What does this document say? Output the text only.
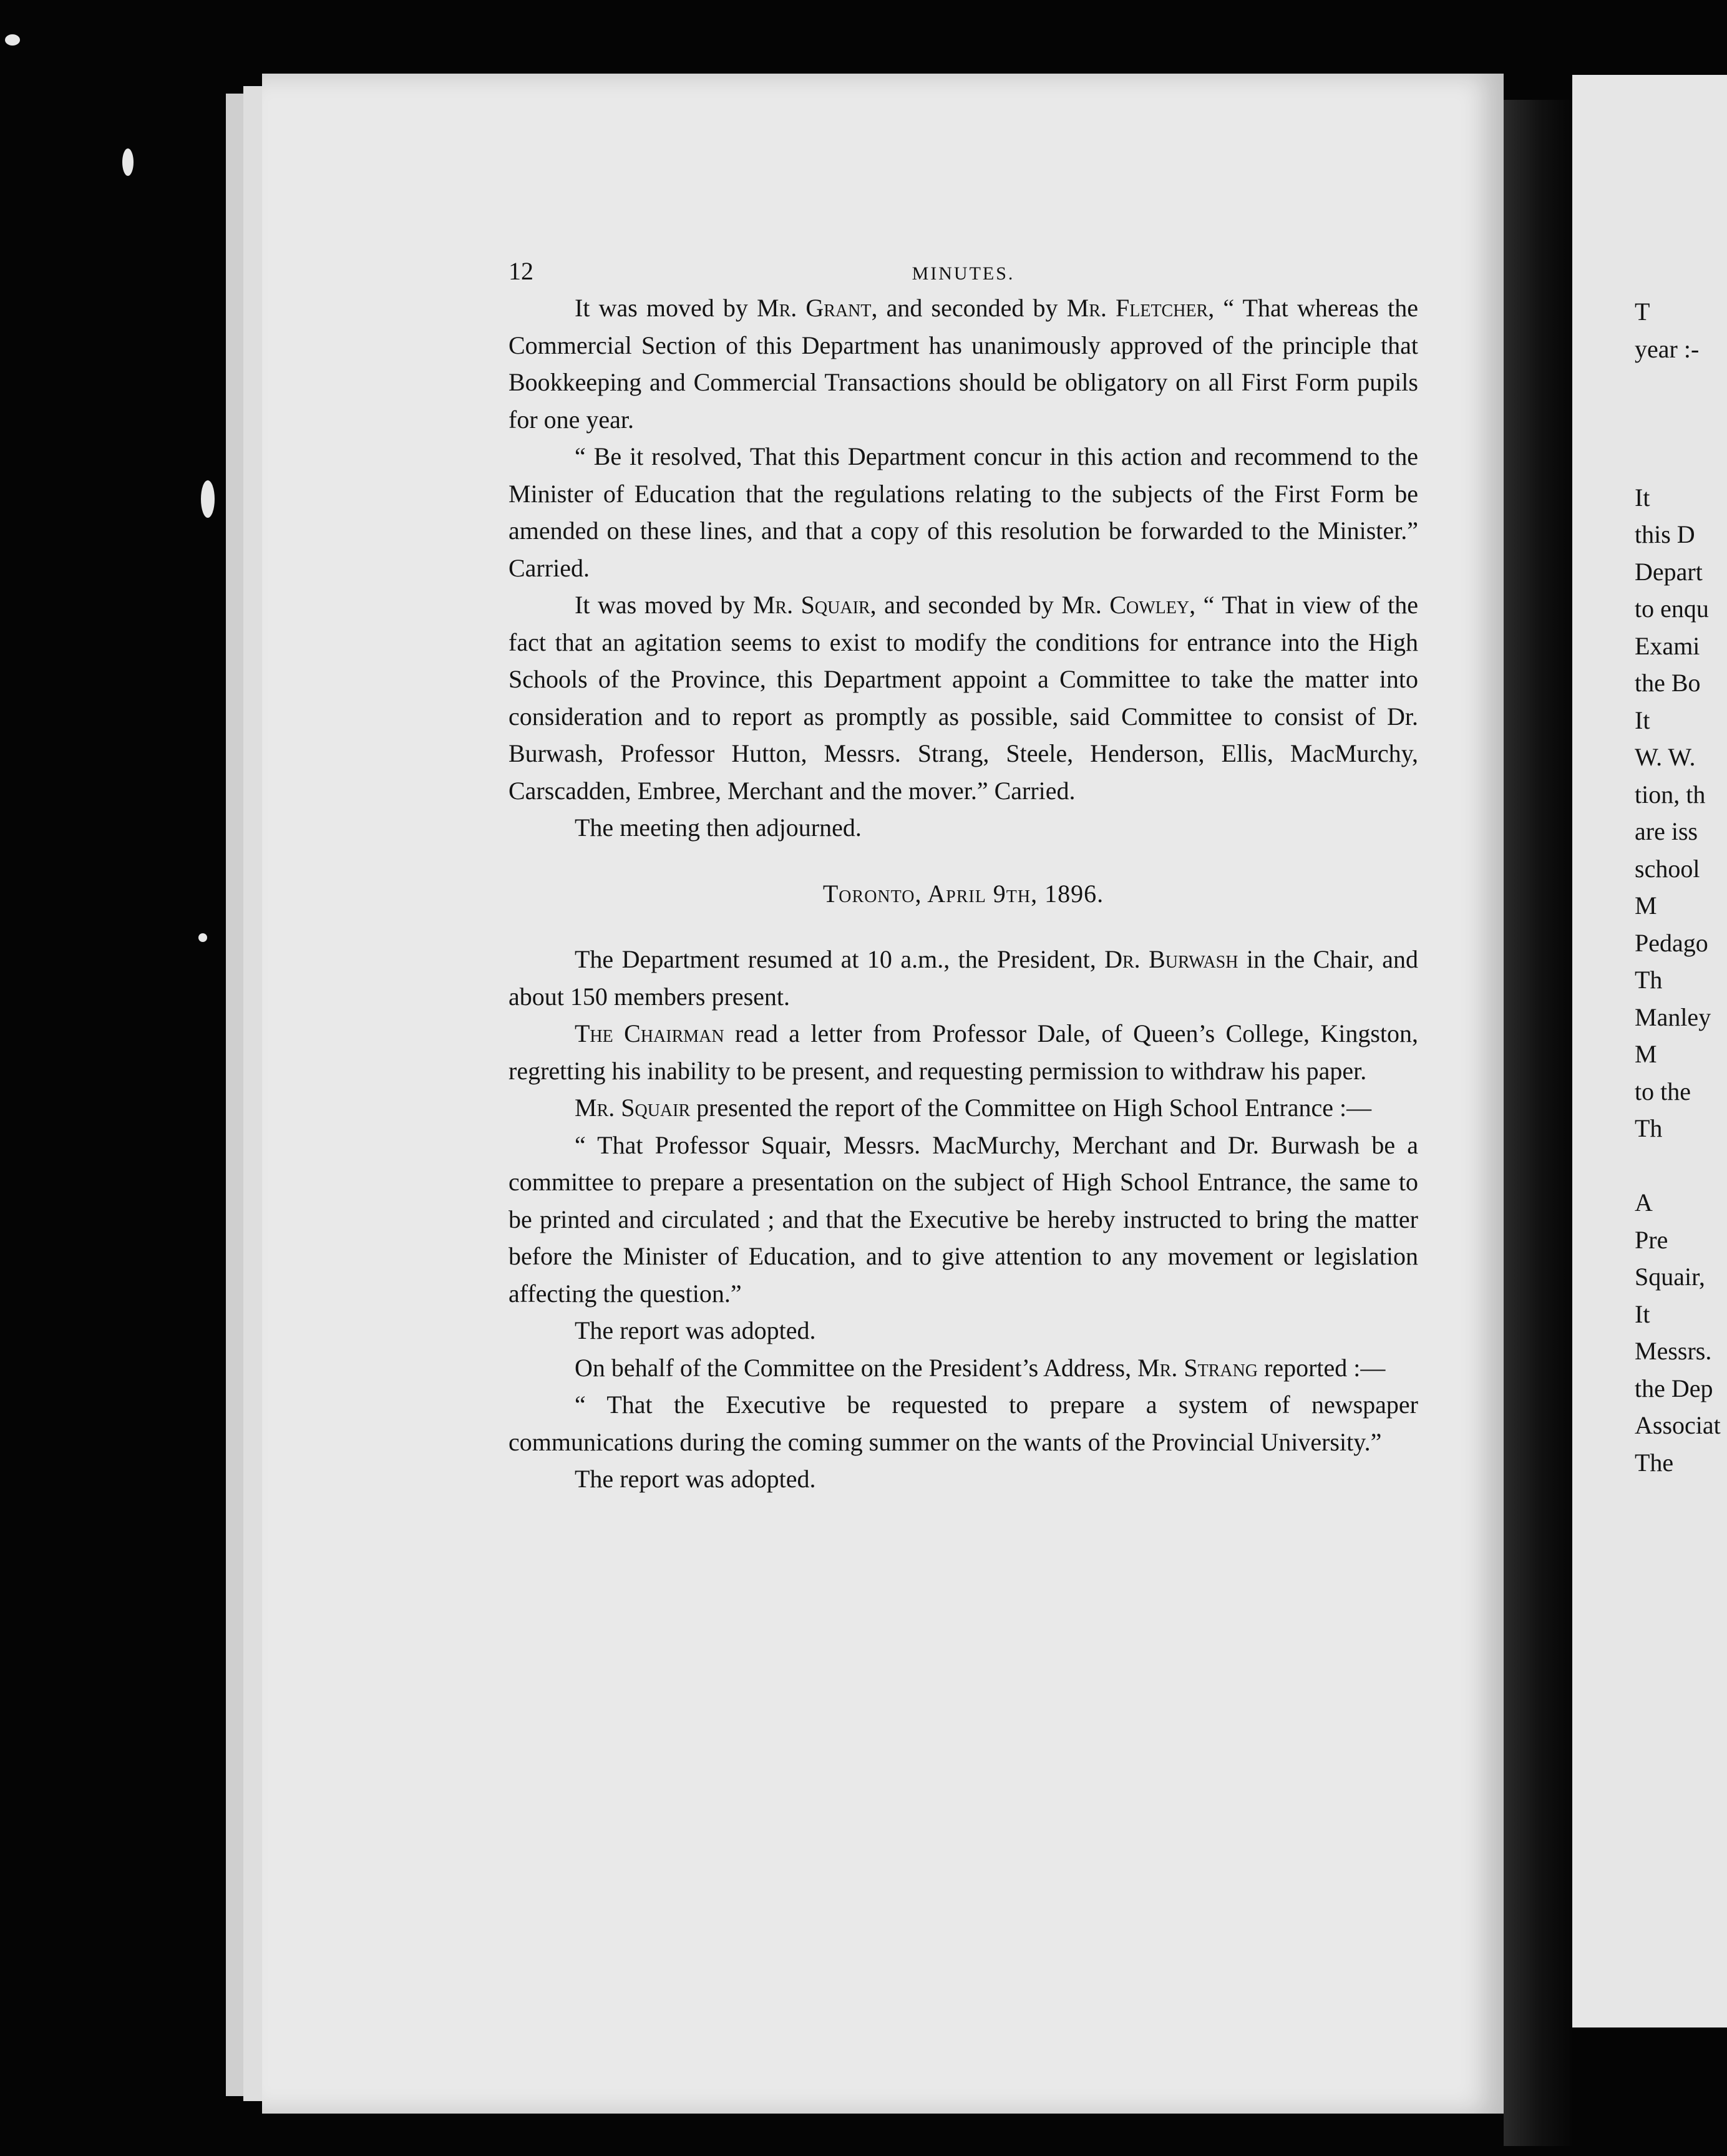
12	MINUTES.

It was moved by Mr. Grant, and seconded by Mr. Fletcher, “ That whereas the Commercial Section of this Department has unanimously approved of the principle that Bookkeeping and Commercial Transactions should be obligatory on all First Form pupils for one year.

“ Be it resolved, That this Department concur in this action and recommend to the Minister of Education that the regulations relating to the subjects of the First Form be amended on these lines, and that a copy of this resolution be forwarded to the Minister.” Carried.

It was moved by Mr. Squair, and seconded by Mr. Cowley, “ That in view of the fact that an agitation seems to exist to modify the conditions for entrance into the High Schools of the Province, this Department appoint a Committee to take the matter into consideration and to report as promptly as possible, said Committee to consist of Dr. Burwash, Professor Hutton, Messrs. Strang, Steele, Henderson, Ellis, MacMurchy, Carscadden, Embree, Merchant and the mover.” Carried.

The meeting then adjourned.

Toronto, April 9th, 1896.

The Department resumed at 10 a.m., the President, Dr. Burwash in the Chair, and about 150 members present.

The Chairman read a letter from Professor Dale, of Queen’s College, Kingston, regretting his inability to be present, and requesting permission to withdraw his paper.

Mr. Squair presented the report of the Committee on High School Entrance :—

“ That Professor Squair, Messrs. MacMurchy, Merchant and Dr. Burwash be a committee to prepare a presentation on the subject of High School Entrance, the same to be printed and circulated ; and that the Executive be hereby instructed to bring the matter before the Minister of Education, and to give attention to any movement or legislation affecting the question.”

The report was adopted.

On behalf of the Committee on the President’s Address, Mr. Strang reported :—

“ That the Executive be requested to prepare a system of newspaper communications during the coming summer on the wants of the Provincial University.”

The report was adopted.

T
year :-
It
this D
Depart
to enqu
Exami
the Bo
It
W. W.
tion, th
are iss
school
M
Pedago
Th
Manley
M
to the
Th
A
Pre
Squair,
It
Messrs.
the Dep
Associat
The
